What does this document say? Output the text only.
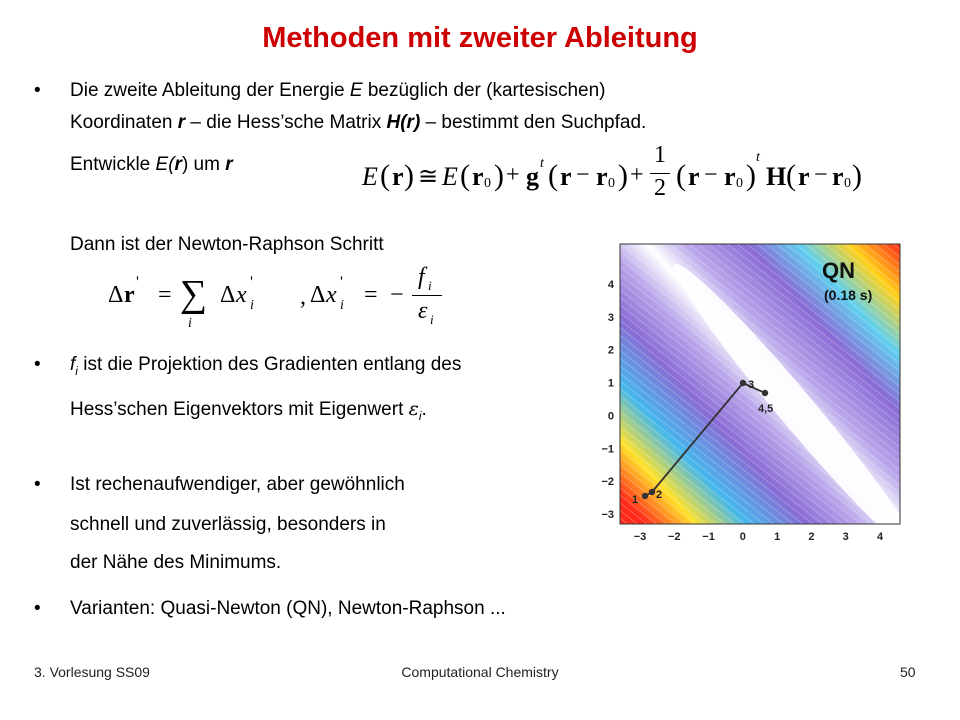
Methoden mit zweiter Ableitung
• Die zweite Ableitung der Energie E bezüglich der (kartesischen)
Koordinaten r – die Hess’sche Matrix H(r) – bestimmt den Suchpfad.
Entwickle E(r) um r	E ( r ) ≅ E ( r 0 ) + g t ( r − r 0 ) +
1
2 ( r − r 0 )
t
H ( r − r 0 )
Dann ist der Newton-Raphson Schritt
Δ r ' = ∑
i
Δ x '
i , Δ x '
i = −
f i
ε i
• $f_i$ ist die Projektion des Gradienten entlang des
Hess’schen Eigenvektors mit Eigenwert $\varepsilon_i$.
• Ist rechenaufwendiger, aber gewöhnlich
schnell und zuverlässig, besonders in
der Nähe des Minimums.
• Varianten: Quasi-Newton (QN), Newton-Raphson ...
QN
(0.18 s)
−3 −2 −1 0	1	2	3	4
4
3
2
1
0
−1
−2
−3
1 2
3
4,5
3. Vorlesung SS09	Computational Chemistry	50
